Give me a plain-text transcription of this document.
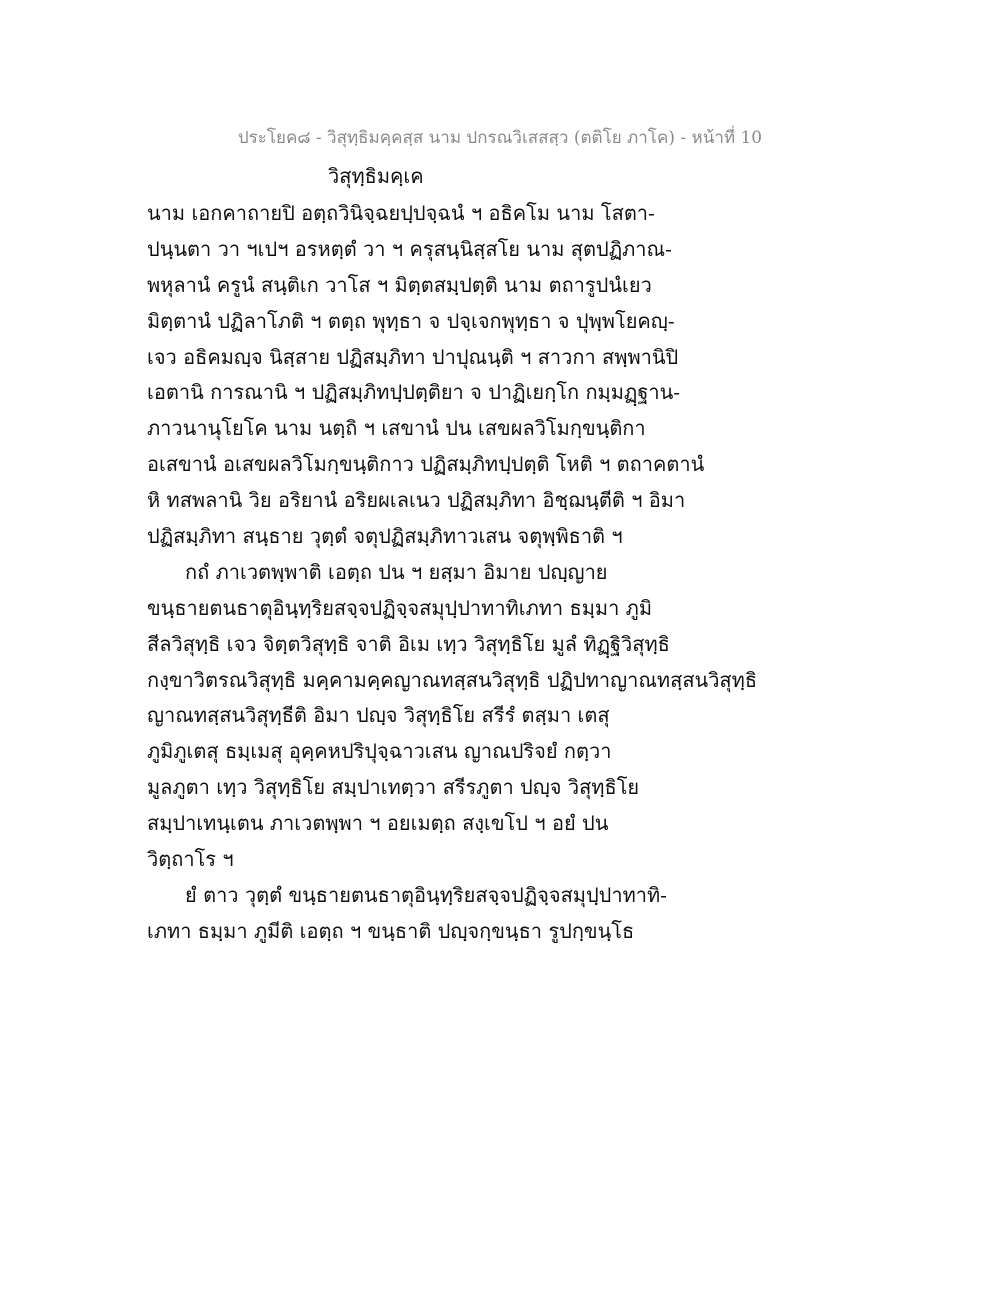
ประโยค๘ - วิสุทฺธิมคฺคสฺส นาม ปกรณวิเสสสฺว (ตติโย ภาโค) - หน้าที่ 10
วิสุทฺธิมคฺเค
นาม เอกคาถายปิ อตฺถวินิจฺฉยปฺปจฺฉนํ ฯ อธิคโม นาม โสตา-
ปนฺนตา วา ฯเปฯ อรหตฺตํ วา ฯ ครุสนฺนิสฺสโย นาม สุตปฏิภาณ-
พหุลานํ ครูนํ สนฺติเก วาโส ฯ มิตฺตสมฺปตฺติ นาม ตถารูปนํเยว
มิตฺตานํ ปฏิลาโภติ ฯ ตตฺถ พุทฺธา จ ปจฺเจกพุทฺธา จ ปุพฺพโยคญฺ-
เจว อธิคมญฺจ นิสฺสาย ปฏิสมฺภิทา ปาปุณนฺติ ฯ สาวกา สพฺพานิปิ
เอตานิ การณานิ ฯ ปฏิสมฺภิทปฺปตฺติยา จ ปาฏิเยกฺโก กมฺมฏฺฐาน-
ภาวนานุโยโค นาม นตฺถิ ฯ เสขานํ ปน เสขผลวิโมกฺขนฺติกา
อเสขานํ อเสขผลวิโมกฺขนฺติกาว ปฏิสมฺภิทปฺปตฺติ โหติ ฯ ตถาคตานํ
หิ ทสพลานิ วิย อริยานํ อริยผเลเนว ปฏิสมฺภิทา อิชฺฌนฺตีติ ฯ อิมา
ปฏิสมฺภิทา สนฺธาย วุตฺตํ จตุปฏิสมฺภิทาวเสน จตุพฺพิธาติ ฯ
กถํ ภาเวตพฺพาติ เอตฺถ ปน ฯ ยสฺมา อิมาย ปญฺญาย
ขนฺธายตนธาตุอินฺทฺริยสจฺจปฏิจฺจสมุปฺปาทาทิเภทา ธมฺมา ภูมิ
สีลวิสุทฺธิ เจว จิตฺตวิสุทฺธิ จาติ อิเม เทฺว วิสุทฺธิโย มูลํ ทิฏฺฐิวิสุทฺธิ
กงฺขาวิตรณวิสุทฺธิ มคฺคามคฺคญาณทสฺสนวิสุทฺธิ ปฏิปทาญาณทสฺสนวิสุทฺธิ
ญาณทสฺสนวิสุทฺธีติ อิมา ปญฺจ วิสุทฺธิโย สรีรํ ตสฺมา เตสุ
ภูมิภูเตสุ ธมฺเมสุ อุคฺคหปริปุจฺฉาวเสน ญาณปริจยํ กตฺวา
มูลภูตา เทฺว วิสุทฺธิโย สมฺปาเทตฺวา สรีรภูตา ปญฺจ วิสุทฺธิโย
สมฺปาเทนฺเตน ภาเวตพฺพา ฯ อยเมตฺถ สงฺเขโป ฯ อยํ ปน
วิตฺถาโร ฯ
ยํ ตาว วุตฺตํ ขนฺธายตนธาตุอินฺทฺริยสจฺจปฏิจฺจสมุปฺปาทาทิ-
เภทา ธมฺมา ภูมีติ เอตฺถ ฯ ขนฺธาติ ปญฺจกฺขนฺธา รูปกฺขนฺโธ
